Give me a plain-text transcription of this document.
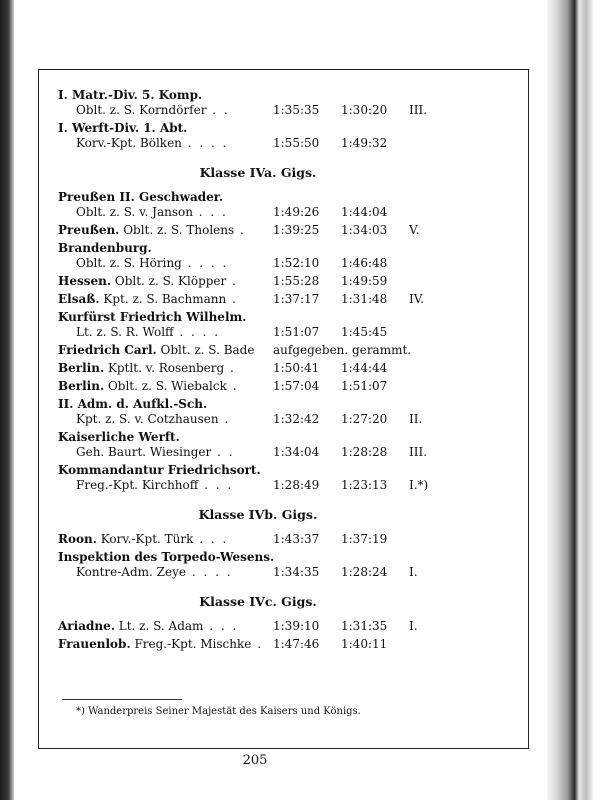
I. Matr.-Div. 5. Komp.
Oblt. z. S. Korndörfer . .	1:35:35	1:30:20	III.
I. Werft-Div. 1. Abt.
Korv.-Kpt. Bölken . . . .	1:55:50	1:49:32
Klasse IVa. Gigs.
Preußen II. Geschwader.
Oblt. z. S. v. Janson . . .	1:49:26	1:44:04
Preußen. Oblt. z. S. Tholens .	1:39:25	1:34:03	V.
Brandenburg.
Oblt. z. S. Höring . . . .	1:52:10	1:46:48
Hessen. Oblt. z. S. Klöpper .	1:55:28	1:49:59
Elsaß. Kpt. z. S. Bachmann .	1:37:17	1:31:48	IV.
Kurfürst Friedrich Wilhelm.
Lt. z. S. R. Wolff . . . .	1:51:07	1:45:45
Friedrich Carl. Oblt. z. S. Bade	aufgegeben. gerammt.
Berlin. Kptlt. v. Rosenberg .	1:50:41	1:44:44
Berlin. Oblt. z. S. Wiebalck .	1:57:04	1:51:07
II. Adm. d. Aufkl.-Sch.
Kpt. z. S. v. Cotzhausen .	1:32:42	1:27:20	II.
Kaiserliche Werft.
Geh. Baurt. Wiesinger . .	1:34:04	1:28:28	III.
Kommandantur Friedrichsort.
Freg.-Kpt. Kirchhoff . . .	1:28:49	1:23:13	I.*)
Klasse IVb. Gigs.
Roon. Korv.-Kpt. Türk . . .	1:43:37	1:37:19
Inspektion des Torpedo-Wesens.
Kontre-Adm. Zeye . . . .	1:34:35	1:28:24	I.
Klasse IVc. Gigs.
Ariadne. Lt. z. S. Adam . . .	1:39:10	1:31:35	I.
Frauenlob. Freg.-Kpt. Mischke . 1:47:46	1:40:11
*) Wanderpreis Seiner Majestät des Kaisers und Königs.
205
